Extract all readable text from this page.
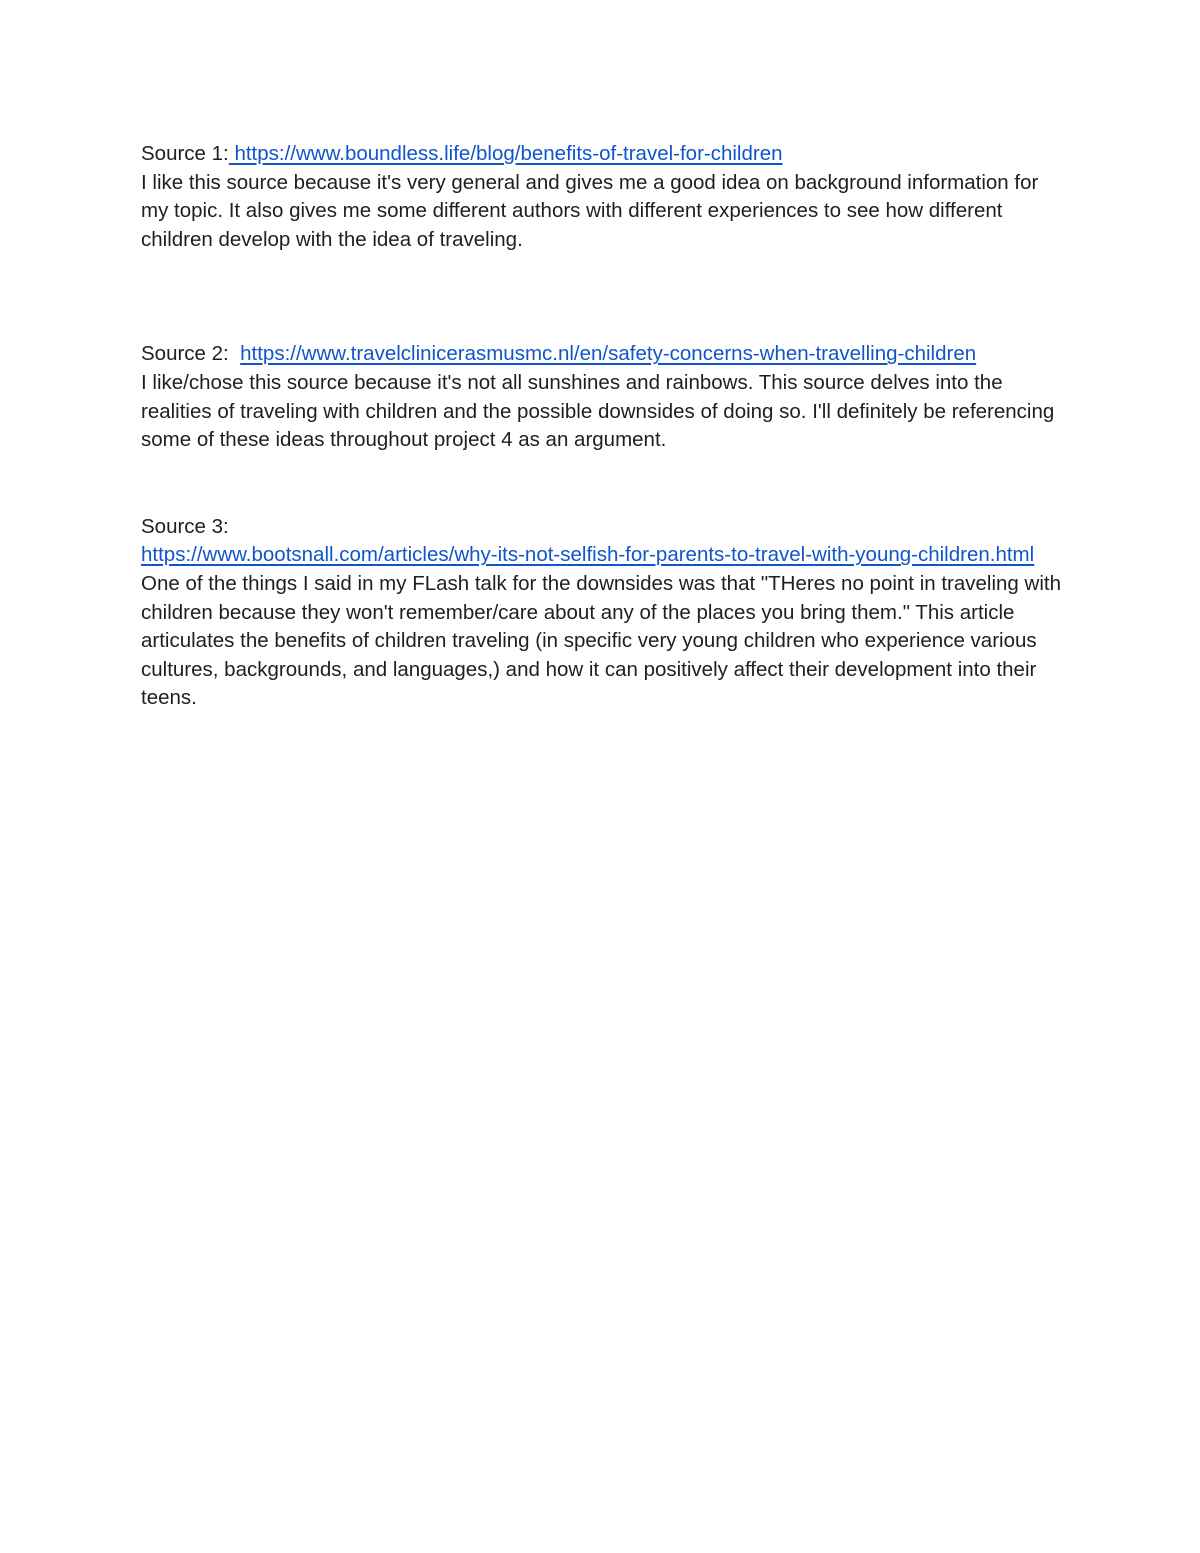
Source 1: https://www.boundless.life/blog/benefits-of-travel-for-children

I like this source because it's very general and gives me a good idea on background information for my topic. It also gives me some different authors with different experiences to see how different children develop with the idea of traveling.

Source 2:  https://www.travelclinicerasmusmc.nl/en/safety-concerns-when-travelling-children

I like/chose this source because it's not all sunshines and rainbows. This source delves into the realities of traveling with children and the possible downsides of doing so. I'll definitely be referencing some of these ideas throughout project 4 as an argument.

Source 3:

https://www.bootsnall.com/articles/why-its-not-selfish-for-parents-to-travel-with-young-children.html

One of the things I said in my FLash talk for the downsides was that "THeres no point in traveling with children because they won't remember/care about any of the places you bring them." This article articulates the benefits of children traveling (in specific very young children who experience various cultures, backgrounds, and languages,) and how it can positively affect their development into their teens.
